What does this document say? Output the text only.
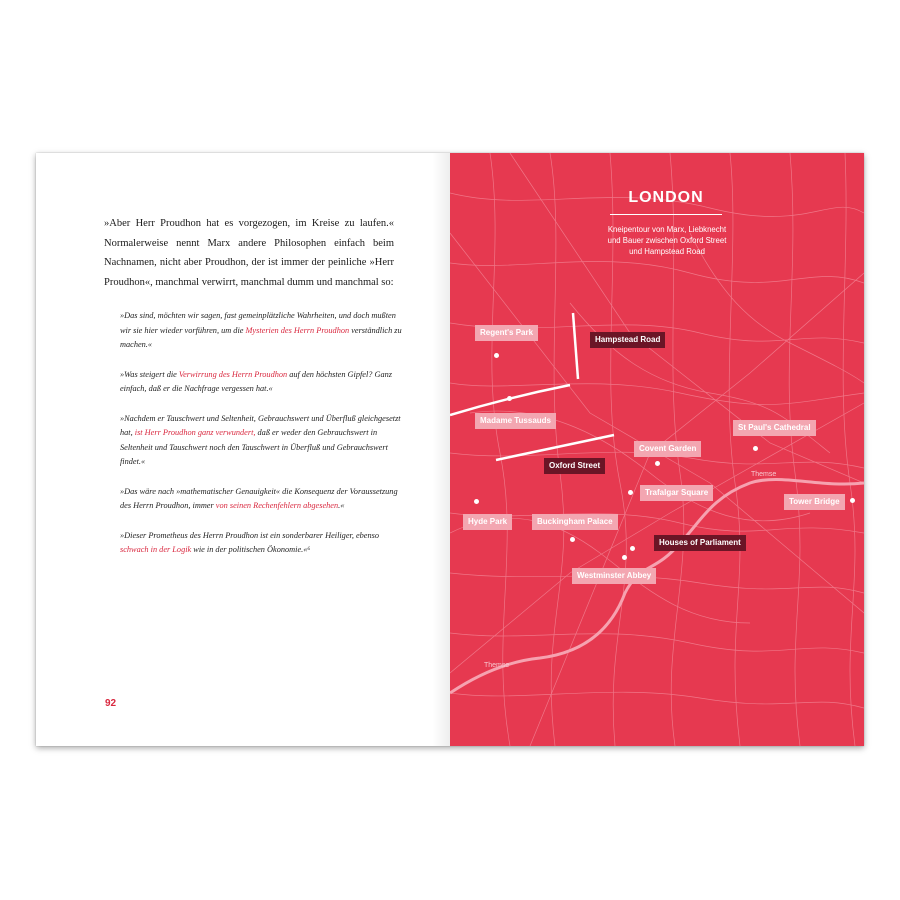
»Aber Herr Proudhon hat es vorgezogen, im Kreise zu laufen.« Normalerweise nennt Marx andere Philosophen einfach beim Nachnamen, nicht aber Proudhon, der ist immer der peinliche »Herr Proudhon«, manchmal verwirrt, manchmal dumm und manchmal so:

»Das sind, möchten wir sagen, fast gemeinplätzliche Wahrheiten, und doch mußten wir sie hier wieder vorführen, um die Mysterien des Herrn Proudhon verständlich zu machen.«

»Was steigert die Verwirrung des Herrn Proudhon auf den höchsten Gipfel? Ganz einfach, daß er die Nachfrage vergessen hat.«

»Nachdem er Tauschwert und Seltenheit, Gebrauchswert und Überfluß gleichgesetzt hat, ist Herr Proudhon ganz verwundert, daß er weder den Gebrauchswert in Seltenheit und Tauschwert noch den Tauschwert in Überfluß und Gebrauchswert findet.«

»Das wäre nach »mathematischer Genauigkeit« die Konsequenz der Voraussetzung des Herrn Proudhon, immer von seinen Rechenfehlern abgesehen.«

»Dieser Prometheus des Herrn Proudhon ist ein sonderbarer Heiliger, ebenso schwach in der Logik wie in der politischen Ökonomie.«⁶

92
LONDON
Kneipentour von Marx, Liebknecht und Bauer zwischen Oxford Street und Hampstead Road
Regent's Park
Hampstead Road
Madame Tussauds
St Paul's Cathedral
Covent Garden
Oxford Street
Trafalgar Square
Tower Bridge
Hyde Park	Buckingham Palace
Houses of Parliament
Westminster Abbey
Themse
Themse
